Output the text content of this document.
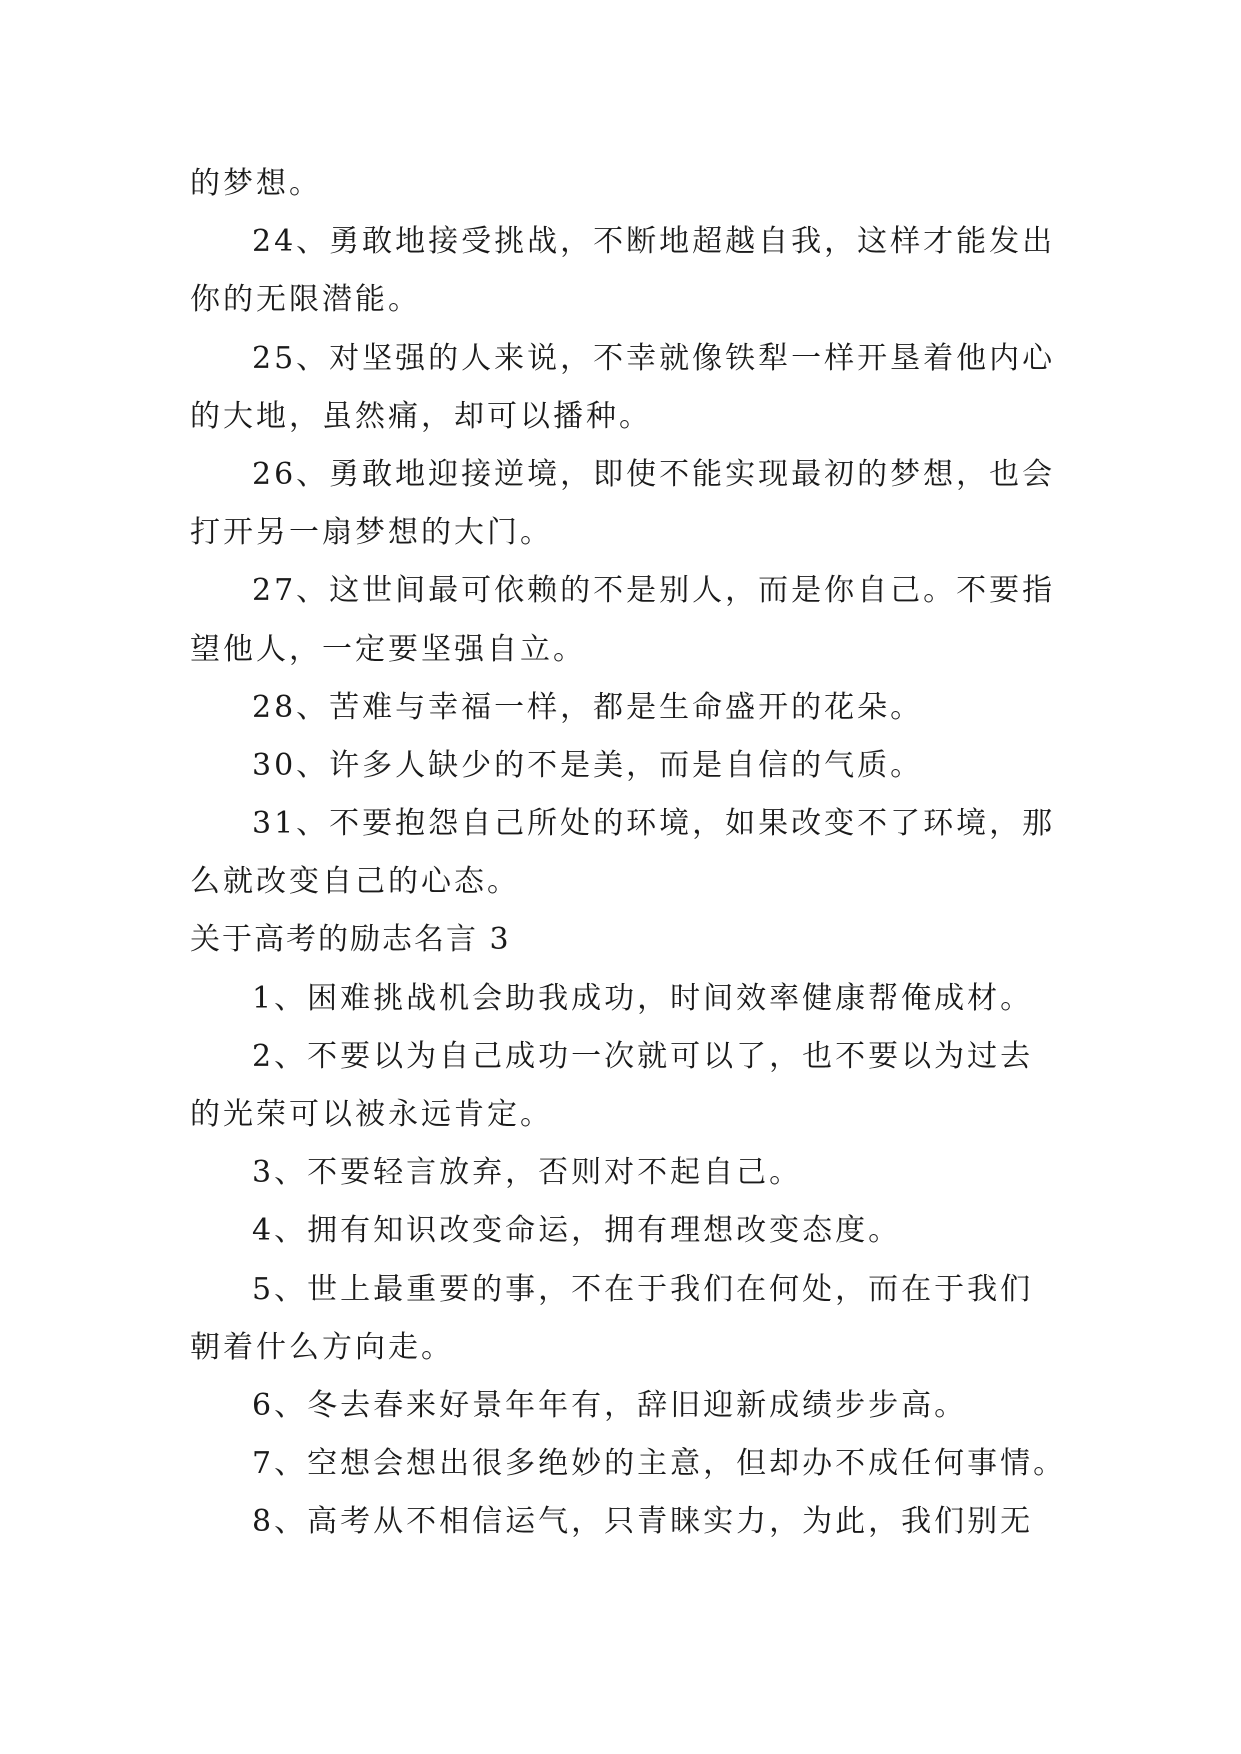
的梦想。
24、勇敢地接受挑战，不断地超越自我，这样才能发出
你的无限潜能。
25、对坚强的人来说，不幸就像铁犁一样开垦着他内心
的大地，虽然痛，却可以播种。
26、勇敢地迎接逆境，即使不能实现最初的梦想，也会
打开另一扇梦想的大门。
27、这世间最可依赖的不是别人，而是你自己。不要指
望他人，一定要坚强自立。
28、苦难与幸福一样，都是生命盛开的花朵。
30、许多人缺少的不是美，而是自信的气质。
31、不要抱怨自己所处的环境，如果改变不了环境，那
么就改变自己的心态。
关于高考的励志名言 3
1、困难挑战机会助我成功，时间效率健康帮俺成材。
2、不要以为自己成功一次就可以了，也不要以为过去
的光荣可以被永远肯定。
3、不要轻言放弃，否则对不起自己。
4、拥有知识改变命运，拥有理想改变态度。
5、世上最重要的事，不在于我们在何处，而在于我们
朝着什么方向走。
6、冬去春来好景年年有，辞旧迎新成绩步步高。
7、空想会想出很多绝妙的主意，但却办不成任何事情。
8、高考从不相信运气，只青睐实力，为此，我们别无
